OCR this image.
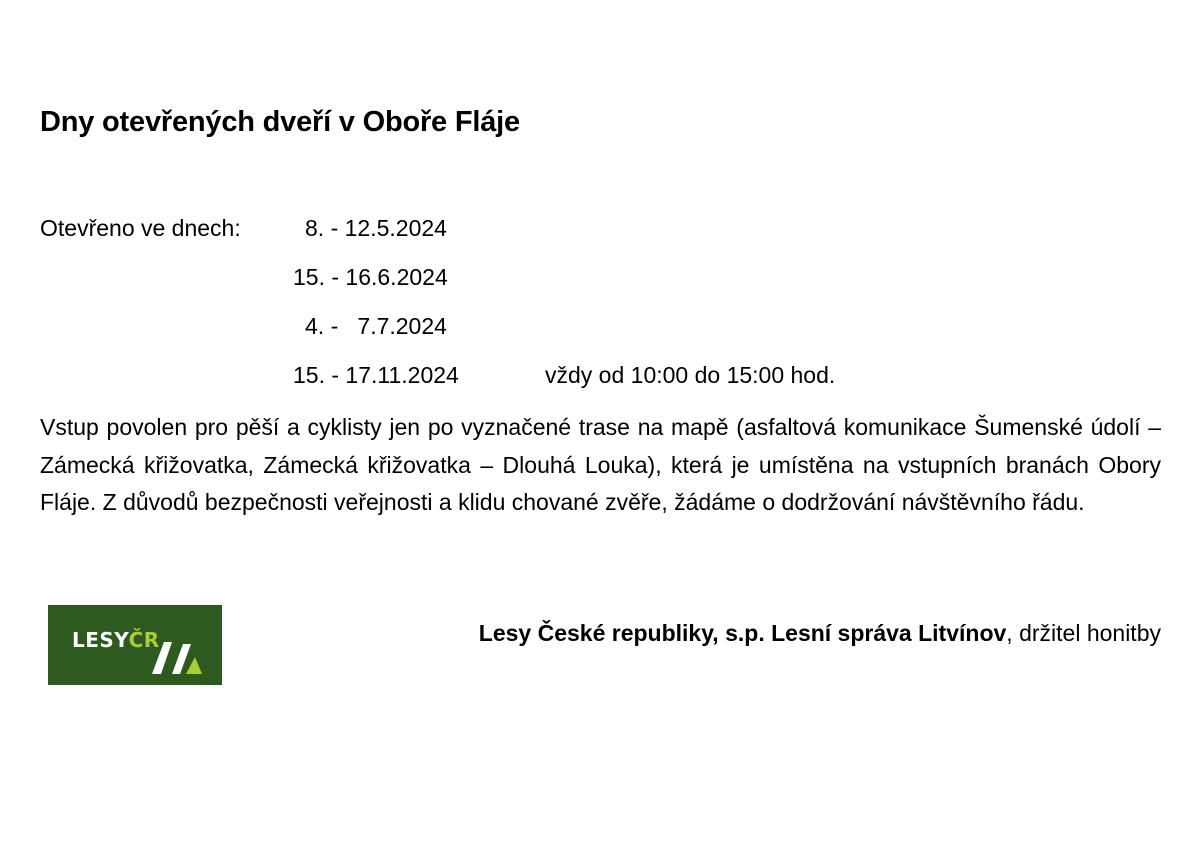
Dny otevřených dveří v Oboře Fláje
Otevřeno ve dnech:	8. - 12.5.2024
15. - 16.6.2024
4. -   7.7.2024
15. - 17.11.2024	vždy od 10:00 do 15:00 hod.
Vstup povolen pro pěší a cyklisty jen po vyznačené trase na mapě (asfaltová komunikace Šumenské údolí – Zámecká křižovatka, Zámecká křižovatka – Dlouhá Louka), která je umístěna na vstupních branách Obory Fláje. Z důvodů bezpečnosti veřejnosti a klidu chované zvěře, žádáme o dodržování návštěvního řádu.
LESYČR	Lesy České republiky, s.p. Lesní správa Litvínov, držitel honitby
